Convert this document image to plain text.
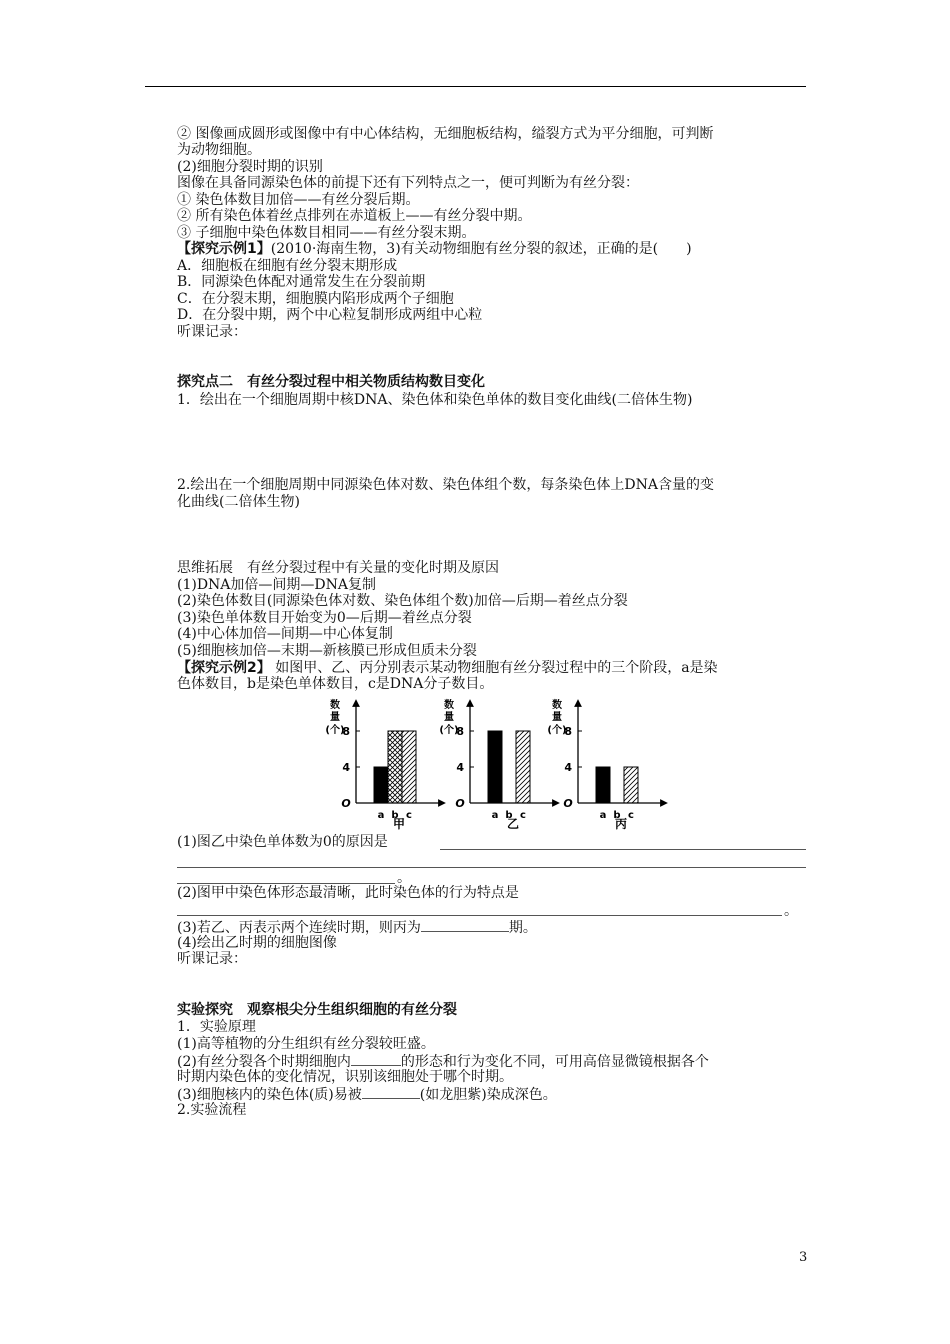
② 图像画成圆形或图像中有中心体结构，无细胞板结构，缢裂方式为平分细胞，可判断
为动物细胞。
(2)细胞分裂时期的识别
图像在具备同源染色体的前提下还有下列特点之一，便可判断为有丝分裂：
① 染色体数目加倍——有丝分裂后期。
② 所有染色体着丝点排列在赤道板上——有丝分裂中期。
③ 子细胞中染色体数目相同——有丝分裂末期。
【探究示例1】(2010·海南生物，3)有关动物细胞有丝分裂的叙述，正确的是(　　)
A．细胞板在细胞有丝分裂末期形成
B．同源染色体配对通常发生在分裂前期
C．在分裂末期，细胞膜内陷形成两个子细胞
D．在分裂中期，两个中心粒复制形成两组中心粒
听课记录：
探究点二　有丝分裂过程中相关物质结构数目变化
1．绘出在一个细胞周期中核DNA、染色体和染色单体的数目变化曲线(二倍体生物)
2.绘出在一个细胞周期中同源染色体对数、染色体组个数，每条染色体上DNA含量的变
化曲线(二倍体生物)
思维拓展　有丝分裂过程中有关量的变化时期及原因
(1)DNA加倍—间期—DNA复制
(2)染色体数目(同源染色体对数、染色体组个数)加倍—后期—着丝点分裂
(3)染色单体数目开始变为0—后期—着丝点分裂
(4)中心体加倍—间期—中心体复制
(5)细胞核加倍—末期—新核膜已形成但质未分裂
【探究示例2】 如图甲、乙、丙分别表示某动物细胞有丝分裂过程中的三个阶段，a是染
色体数目，b是染色单体数目，c是DNA分子数目。
数
量
(个)
4
8
O
a b c
甲
数
量
(个)
4
8
O
a b c
乙
数
量
(个)
4
8
O
a b c
丙
(1)图乙中染色单体数为0的原因是
。
(2)图甲中染色体形态最清晰，此时染色体的行为特点是
。
(3)若乙、丙表示两个连续时期，则丙为	期。
(4)绘出乙时期的细胞图像
听课记录：
实验探究　观察根尖分生组织细胞的有丝分裂
1．实验原理
(1)高等植物的分生组织有丝分裂较旺盛。
(2)有丝分裂各个时期细胞内	的形态和行为变化不同，可用高倍显微镜根据各个
时期内染色体的变化情况，识别该细胞处于哪个时期。
(3)细胞核内的染色体(质)易被	(如龙胆紫)染成深色。
2.实验流程
3
